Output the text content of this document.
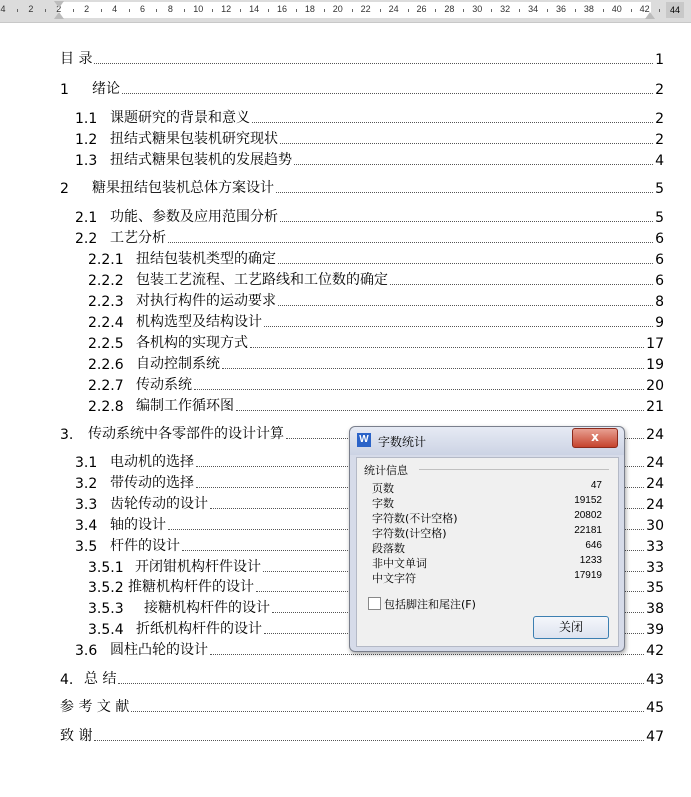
4	2	2	2	4	6	8 10 12 14 16 18 20 22 24 26 28 30 32 34 36 38 40 42	44
目 录	1
1	绪论	2
1.1 课题研究的背景和意义	2
1.2 扭结式糖果包装机研究现状	2
1.3 扭结式糖果包装机的发展趋势	4
2	糖果扭结包装机总体方案设计	5
2.1 功能、参数及应用范围分析	5
2.2 工艺分析	6
2.2.1 扭结包装机类型的确定	6
2.2.2 包装工艺流程、工艺路线和工位数的确定	6
2.2.3 对执行构件的运动要求	8
2.2.4 机构选型及结构设计	9
2.2.5 各机构的实现方式	17
2.2.6 自动控制系统	19
2.2.7 传动系统	20
2.2.8 编制工作循环图	21
3.	传动系统中各零部件的设计计算	24
3.1 电动机的选择	24
3.2 带传动的选择	24
3.3 齿轮传动的设计	24
3.4 轴的设计	30
3.5 杆件的设计	33
3.5.1 开闭钳机构杆件设计	33
3.5.2 推糖机构杆件的设计	35
3.5.3	接糖机构杆件的设计	38
3.5.4 折纸机构杆件的设计	39
3.6 圆柱凸轮的设计	42
4. 总 结	43
参 考 文 献	45
致 谢	47
W 字数统计	x
统计信息
页数	47
字数	19152
字符数(不计空格)	20802
字符数(计空格)	22181
段落数	646
非中文单词	1233
中文字符	17919
包括脚注和尾注(F)
关闭
